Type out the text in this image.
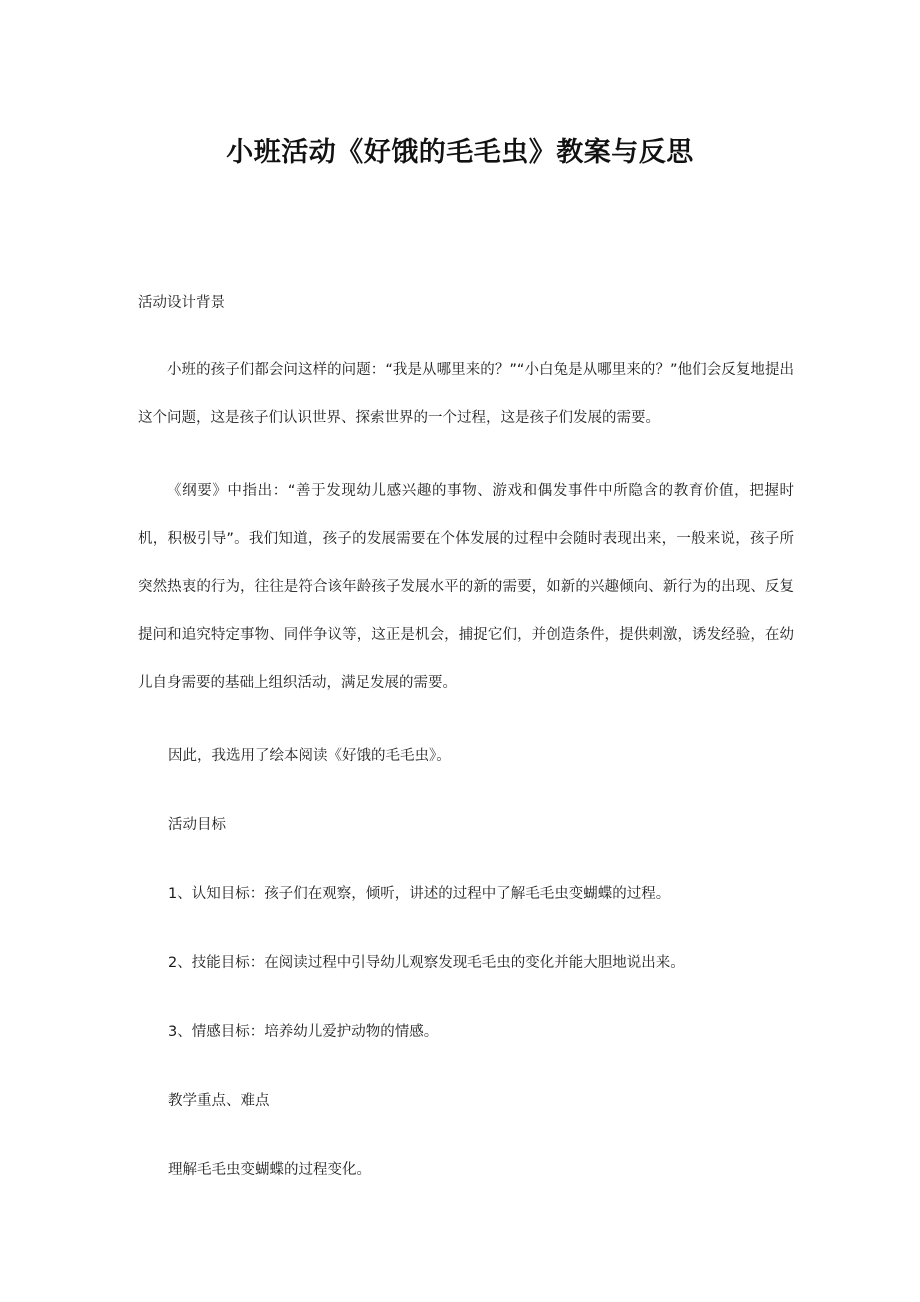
小班活动《好饿的毛毛虫》教案与反思

活动设计背景

小班的孩子们都会问这样的问题：“我是从哪里来的？”“小白兔是从哪里来的？”他们会反复地提出这个问题，这是孩子们认识世界、探索世界的一个过程，这是孩子们发展的需要。

《纲要》中指出：“善于发现幼儿感兴趣的事物、游戏和偶发事件中所隐含的教育价值，把握时机，积极引导”。我们知道，孩子的发展需要在个体发展的过程中会随时表现出来，一般来说，孩子所突然热衷的行为，往往是符合该年龄孩子发展水平的新的需要，如新的兴趣倾向、新行为的出现、反复提问和追究特定事物、同伴争议等，这正是机会，捕捉它们，并创造条件，提供刺激，诱发经验，在幼儿自身需要的基础上组织活动，满足发展的需要。

因此，我选用了绘本阅读《好饿的毛毛虫》。

活动目标

1、认知目标：孩子们在观察，倾听，讲述的过程中了解毛毛虫变蝴蝶的过程。

2、技能目标：在阅读过程中引导幼儿观察发现毛毛虫的变化并能大胆地说出来。

3、情感目标：培养幼儿爱护动物的情感。

教学重点、难点

理解毛毛虫变蝴蝶的过程变化。
